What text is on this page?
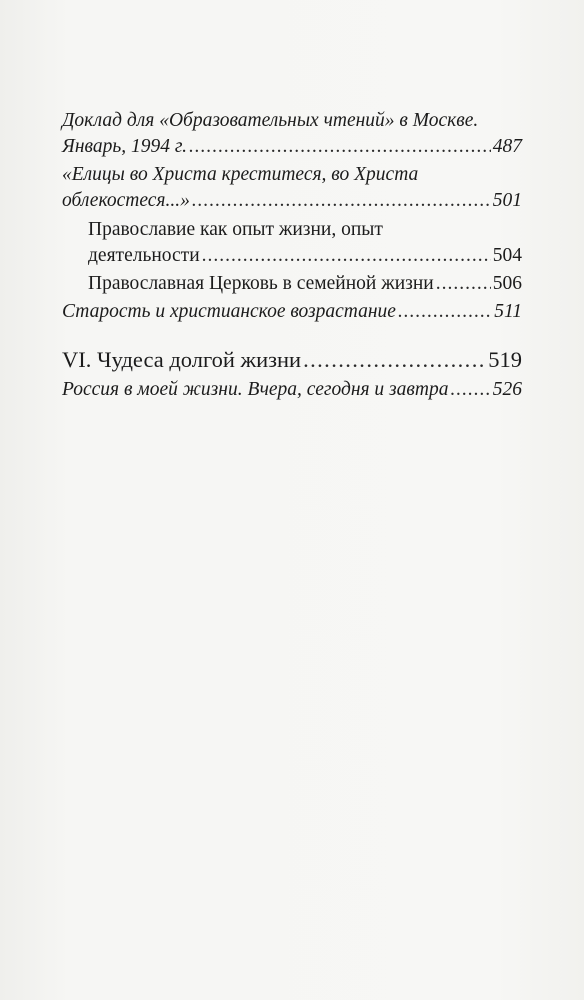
Доклад для «Образовательных чтений» в Москве.
Январь, 1994 г. .....	487
«Елицы во Христа креститеся, во Христа
облекостеся...» .....	501
Православие как опыт жизни, опыт
деятельности .....	504
Православная Церковь в семейной жизни .....	506
Старость и христианское возрастание .....	511
VI. Чудеса долгой жизни .....	519
Россия в моей жизни. Вчера, сегодня и завтра ..... 526
